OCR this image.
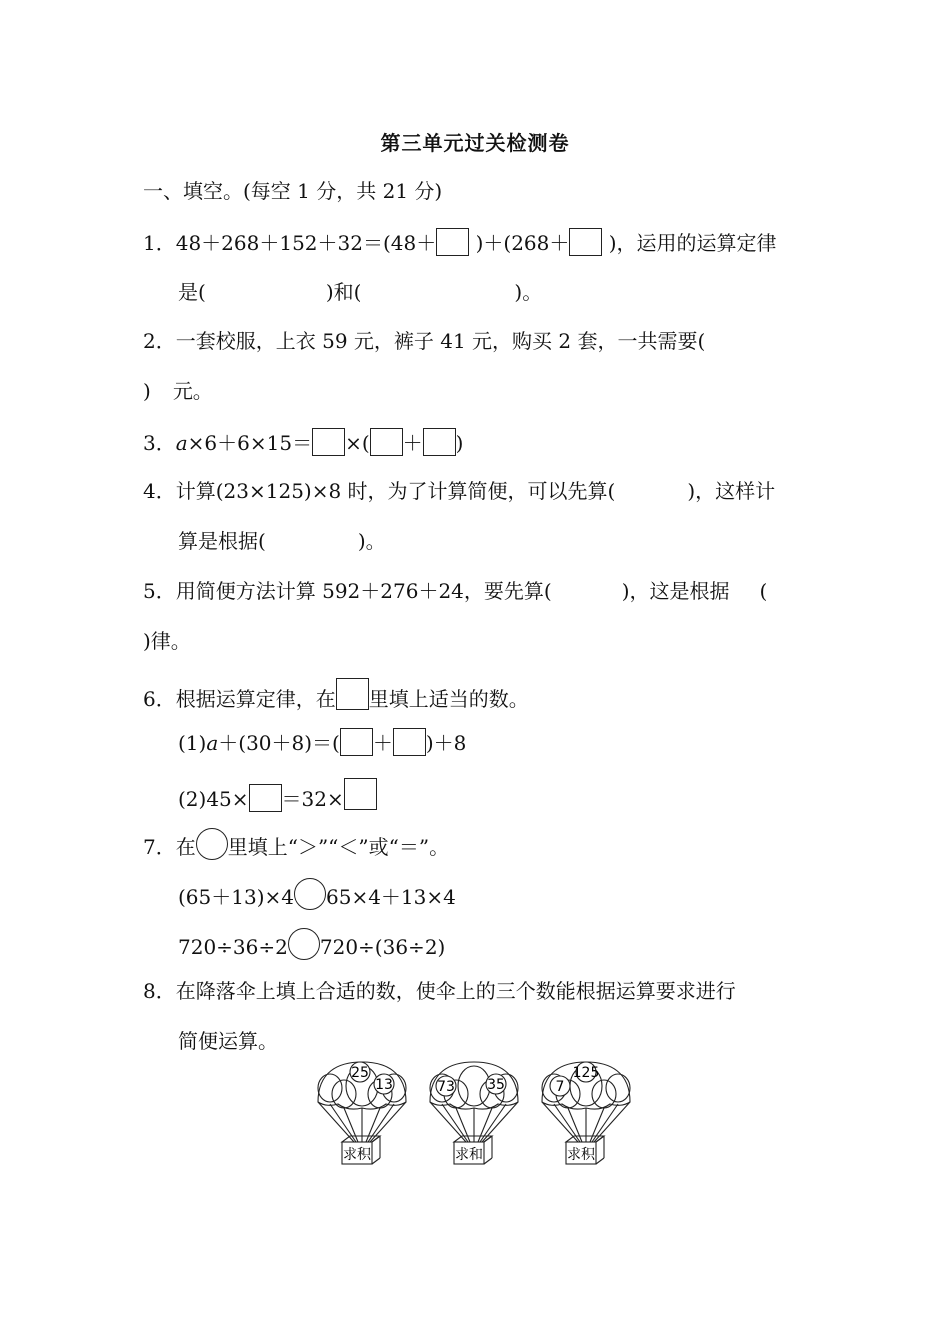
第三单元过关检测卷
一、填空。(每空 1 分，共 21 分)
1．48＋268＋152＋32＝(48＋ )＋(268＋ )，运用的运算定律
是(	)和(	)。
2．一套校服，上衣 59 元，裤子 41 元，购买 2 套，一共需要(
) 元。
3．a×6＋6×15＝ ×( ＋ )
4．计算(23×125)×8 时，为了计算简便，可以先算(	)，这样计
算是根据(	)。
5．用简便方法计算 592＋276＋24，要先算(	)，这是根据 (
)律。
6．根据运算定律，在 里填上适当的数。
(1)a＋(30＋8)＝( ＋ )＋8
(2)45× ＝32×
7．在 里填上“＞”“＜”或“＝”。
(65＋13)×4 65×4＋13×4
720÷36÷2 720÷(36÷2)
8．在降落伞上填上合适的数，使伞上的三个数能根据运算要求进行
简便运算。
25
13
求积
73 35
求和
7
125
求积
